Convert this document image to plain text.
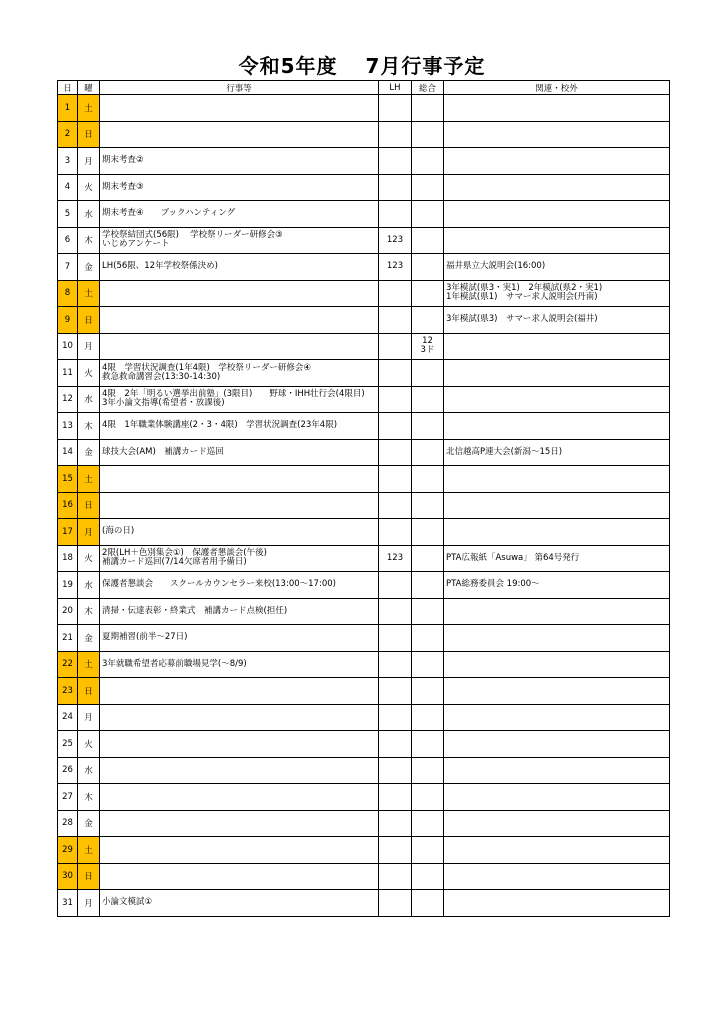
令和5年度 7月行事予定
日	曜	行事等	LH	総合	関連・校外
1	土				
2	日				
3	月	期末考査②			

4	火	期末考査③			

5	水	期末考査④　　ブックハンティング			

6	木	学校祭結団式(56限)　 学校祭リーダー研修会③
いじめアンケート	123		
7	金	LH(56限、12年学校祭係決め)	123		福井県立大説明会(16:00)

8	土				3年模試(県3・実1)　2年模試(県2・実1)
1年模試(県1)　サマー求人説明会(丹南)

9	日				3年模試(県3)　サマー求人説明会(福井)

10	月			12
3ド	

11	火	4限　学習状況調査(1年4限)　学校祭リーダー研修会④
救急救命講習会(13:30-14:30)			

12	水	4限　2年「明るい選挙出前塾」(3限目)　　野球・IHH壮行会(4限目)
3年小論文指導(希望者・放課後)			

13	木	4限　1年職業体験講座(2・3・4限)　学習状況調査(23年4限)			

14	金	球技大会(AM)　補講カード巡回			北信越高P連大会(新潟～15日)

15	土				
16	日				
17	月	(海の日)			

18	火	2限(LH＋色別集会①)　保護者懇談会(午後)
補講カード巡回(7/14欠席者用予備日)	123		PTA広報紙「Asuwa」 第64号発行

19	水	保護者懇談会　　スクールカウンセラー来校(13:00～17:00)			PTA総務委員会 19:00～

20	木	清掃・伝達表彰・終業式　補講カード点検(担任)			

21	金	夏期補習(前半～27日)			

22	土	3年就職希望者応募前職場見学(～8/9)			

23	日				
24	月				
25	火				
26	水				
27	木				
28	金				
29	土				
30	日				
31	月	小論文模試①			
